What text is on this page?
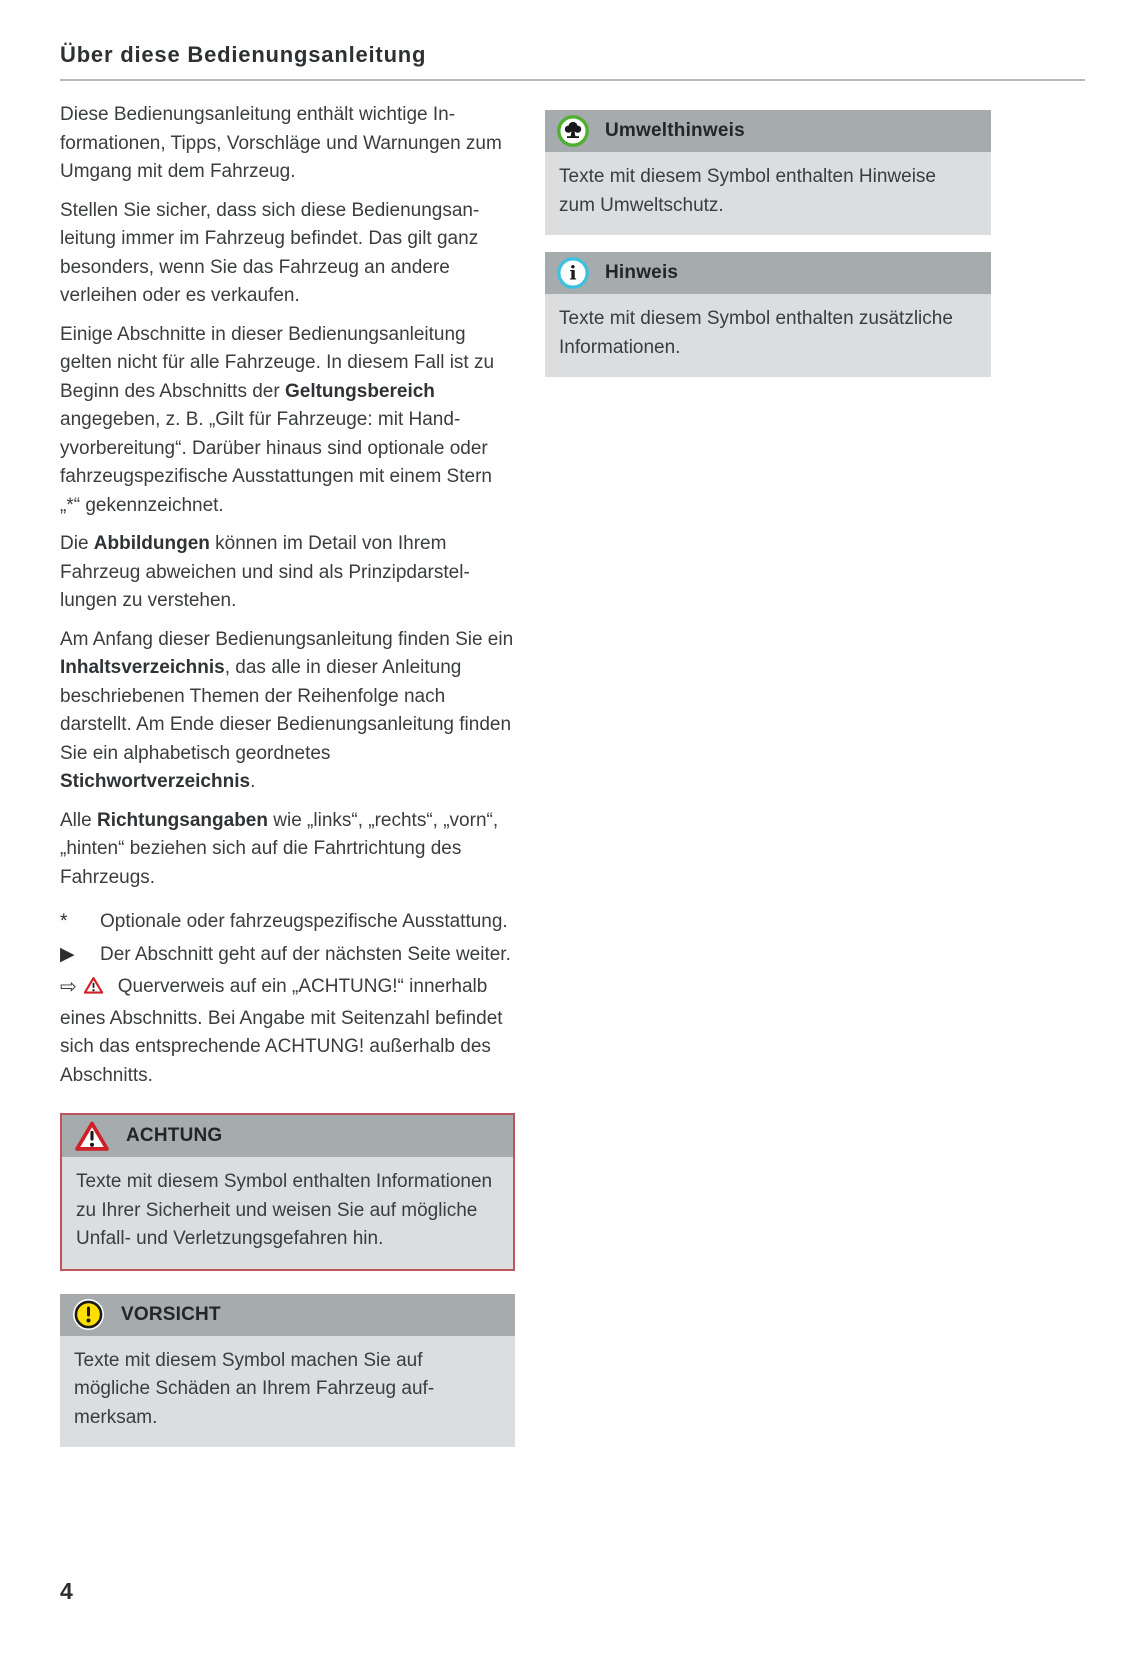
Über diese Bedienungsanleitung

Diese Bedienungsanleitung enthält wichtige Informationen, Tipps, Vorschläge und Warnungen zum Umgang mit dem Fahrzeug.

Stellen Sie sicher, dass sich diese Bedienungsanleitung immer im Fahrzeug befindet. Das gilt ganz besonders, wenn Sie das Fahrzeug an andere verleihen oder es verkaufen.

Einige Abschnitte in dieser Bedienungsanleitung gelten nicht für alle Fahrzeuge. In diesem Fall ist zu Beginn des Abschnitts der Geltungsbereich angegeben, z. B. „Gilt für Fahrzeuge: mit Handyvorbereitung“. Darüber hinaus sind optionale oder fahrzeugspezifische Ausstattungen mit einem Stern „*“ gekennzeichnet.

Die Abbildungen können im Detail von Ihrem Fahrzeug abweichen und sind als Prinzipdarstellungen zu verstehen.

Am Anfang dieser Bedienungsanleitung finden Sie ein Inhaltsverzeichnis, das alle in dieser Anleitung beschriebenen Themen der Reihenfolge nach darstellt. Am Ende dieser Bedienungsanleitung finden Sie ein alphabetisch geordnetes Stichwortverzeichnis.

Alle Richtungsangaben wie „links“, „rechts“, „vorn“, „hinten“ beziehen sich auf die Fahrtrichtung des Fahrzeugs.

*	Optionale oder fahrzeugspezifische Ausstattung.
▶	Der Abschnitt geht auf der nächsten Seite weiter.

⇨ Querverweis auf ein „ACHTUNG!“ innerhalb eines Abschnitts. Bei Angabe mit Seitenzahl befindet sich das entsprechende ACHTUNG! außerhalb des Abschnitts.

ACHTUNG
Texte mit diesem Symbol enthalten Informationen zu Ihrer Sicherheit und weisen Sie auf mögliche Unfall- und Verletzungsgefahren hin.
VORSICHT
Texte mit diesem Symbol machen Sie auf mögliche Schäden an Ihrem Fahrzeug aufmerksam.
Umwelthinweis
Texte mit diesem Symbol enthalten Hinweise zum Umweltschutz.
i Hinweis
Texte mit diesem Symbol enthalten zusätzliche Informationen.
4
